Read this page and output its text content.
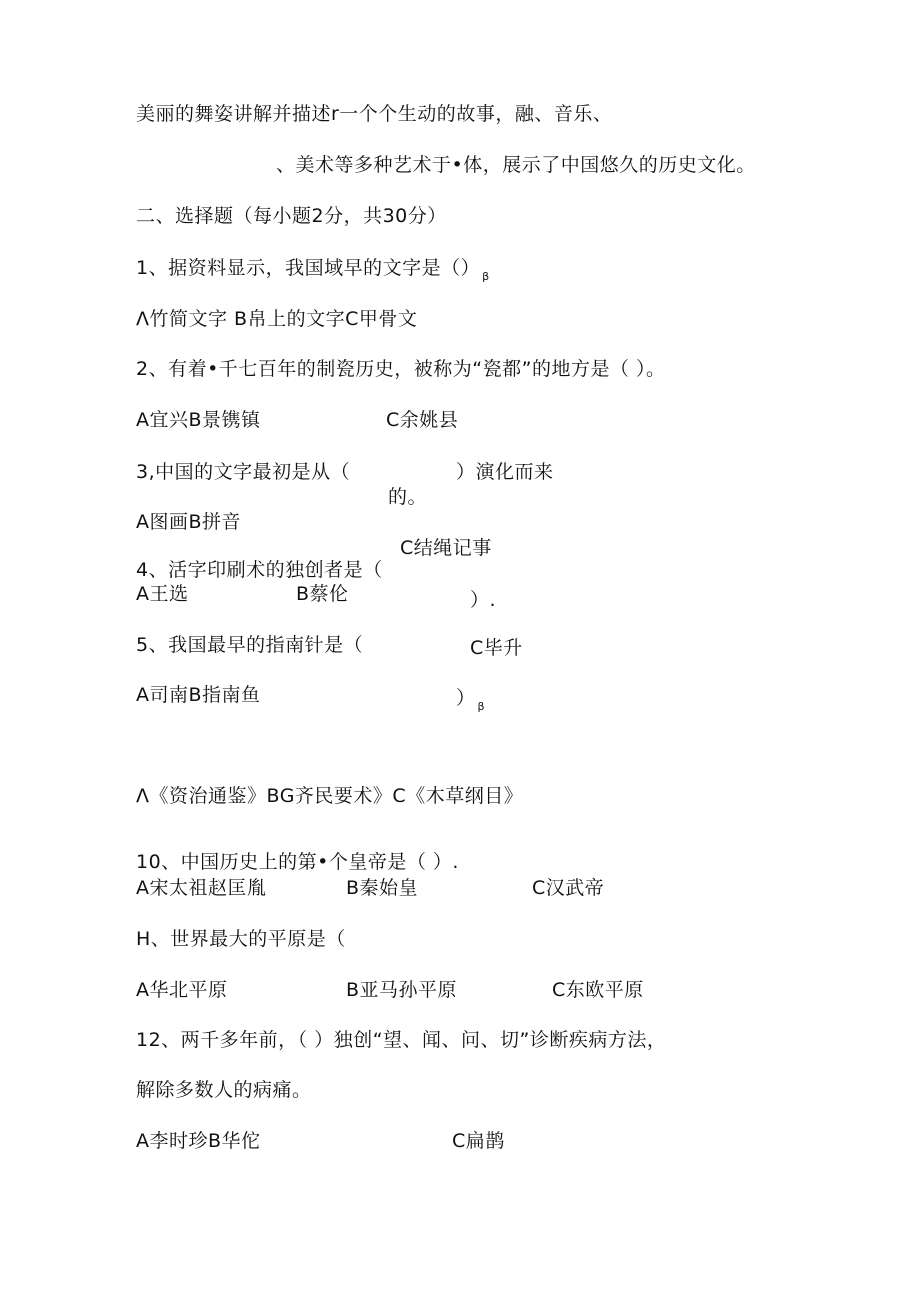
美丽的舞姿讲解并描述r一个个生动的故事，融、音乐、
、美术等多种艺术于•体，展示了中国悠久的历史文化。
二、选择题（每小题2分，共30分）
1、据资料显示，我国域早的文字是（） $_\beta$
Λ竹简文字 B帛上的文字C甲骨文
2、有着•千七百年的制瓷历史，被称为“瓷都”的地方是（ ）。
A宜兴B景镌镇	C余姚县
3,中国的文字最初是从（	）演化而来
的。
A图画B拼音
C结绳记事
4、活字印刷术的独创者是（
A王选	B蔡伦	）.
5、我国最早的指南针是（	C毕升
A司南B指南鱼	） $_\beta$
Λ《资治通鉴》BG齐民要术》C《木草纲目》
10、中国历史上的第•个皇帝是（ ）.
A宋太祖赵匡胤	B秦始皇	C汉武帝
H、世界最大的平原是（
A华北平原	B亚马孙平原	C东欧平原
12、两千多年前，（ ）独创“望、闻、问、切”诊断疾病方法，
解除多数人的病痛。
A李时珍B华佗	C扁鹊
